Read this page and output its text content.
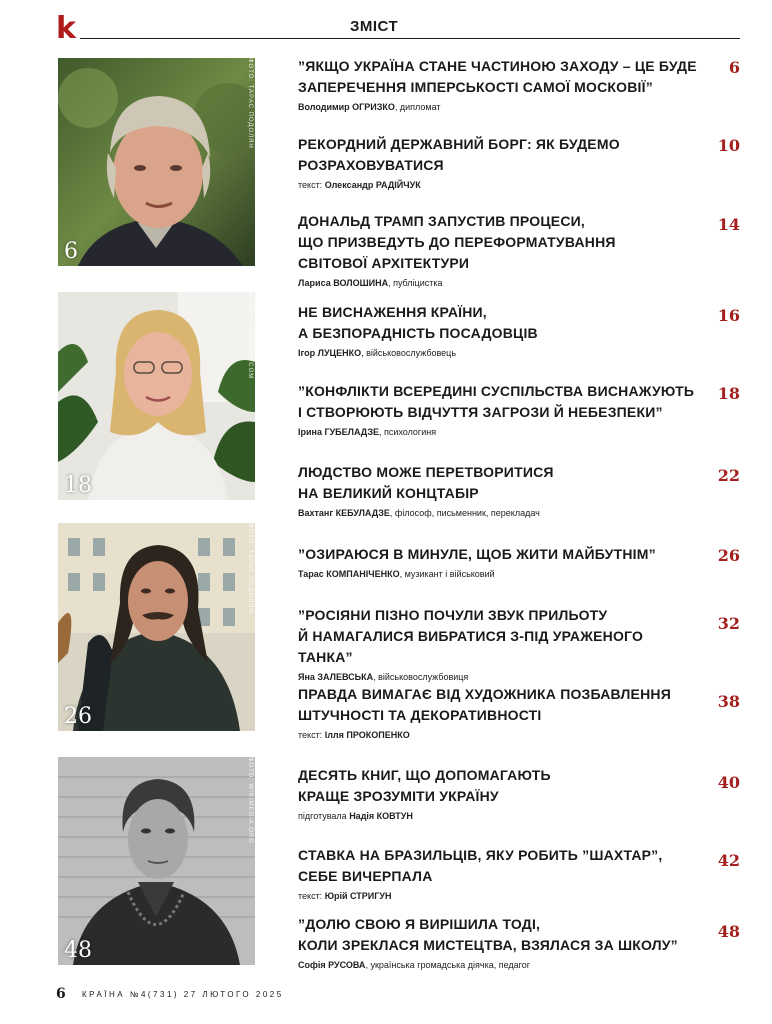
k	ЗМІСТ
6
ФОТО: ТАРАС ПОДОЛЯН
18
ФОТО: FACEBOOK.COM
26
ФОТО: ТАРАС ПОДОЛЯН
48
ФОТО: WIKIMEDIA.ORG
”ЯКЩО УКРАЇНА СТАНЕ ЧАСТИНОЮ ЗАХОДУ – ЦЕ БУДЕ
ЗАПЕРЕЧЕННЯ ІМПЕРСЬКОСТІ САМОЇ МОСКОВІЇ”
Володимир ОГРИЗКО, дипломат
6
РЕКОРДНИЙ ДЕРЖАВНИЙ БОРГ: ЯК БУДЕМО
РОЗРАХОВУВАТИСЯ
текст: Олександр РАДІЙЧУК
10
ДОНАЛЬД ТРАМП ЗАПУСТИВ ПРОЦЕСИ,
ЩО ПРИЗВЕДУТЬ ДО ПЕРЕФОРМАТУВАННЯ
СВІТОВОЇ АРХІТЕКТУРИ
Лариса ВОЛОШИНА, публіцистка
14
НЕ ВИСНАЖЕННЯ КРАЇНИ,
А БЕЗПОРАДНІСТЬ ПОСАДОВЦІВ
Ігор ЛУЦЕНКО, військовослужбовець
16
”КОНФЛІКТИ ВСЕРЕДИНІ СУСПІЛЬСТВА ВИСНАЖУЮТЬ
І СТВОРЮЮТЬ ВІДЧУТТЯ ЗАГРОЗИ Й НЕБЕЗПЕКИ”
Ірина ГУБЕЛАДЗЕ, психологиня
18
ЛЮДСТВО МОЖЕ ПЕРЕТВОРИТИСЯ
НА ВЕЛИКИЙ КОНЦТАБІР
Вахтанг КЕБУЛАДЗЕ, філософ, письменник, перекладач
22
”ОЗИРАЮСЯ В МИНУЛЕ, ЩОБ ЖИТИ МАЙБУТНІМ”
Тарас КОМПАНІЧЕНКО, музикант і військовий
26
”РОСІЯНИ ПІЗНО ПОЧУЛИ ЗВУК ПРИЛЬОТУ
Й НАМАГАЛИСЯ ВИБРАТИСЯ З-ПІД УРАЖЕНОГО ТАНКА”
Яна ЗАЛЕВСЬКА, військовослужбовиця
32
ПРАВДА ВИМАГАЄ ВІД ХУДОЖНИКА ПОЗБАВЛЕННЯ
ШТУЧНОСТІ ТА ДЕКОРАТИВНОСТІ
текст: Ілля ПРОКОПЕНКО
38
ДЕСЯТЬ КНИГ, ЩО ДОПОМАГАЮТЬ
КРАЩЕ ЗРОЗУМІТИ УКРАЇНУ
підготувала Надія КОВТУН
40
СТАВКА НА БРАЗИЛЬЦІВ, ЯКУ РОБИТЬ ”ШАХТАР”,
СЕБЕ ВИЧЕРПАЛА
текст: Юрій СТРИГУН
42
”ДОЛЮ СВОЮ Я ВИРІШИЛА ТОДІ,
КОЛИ ЗРЕКЛАСЯ МИСТЕЦТВА, ВЗЯЛАСЯ ЗА ШКОЛУ”
Софія РУСОВА, українська громадська діячка, педагог
48
6 КРАЇНА №4(731) 27 ЛЮТОГО 2025
